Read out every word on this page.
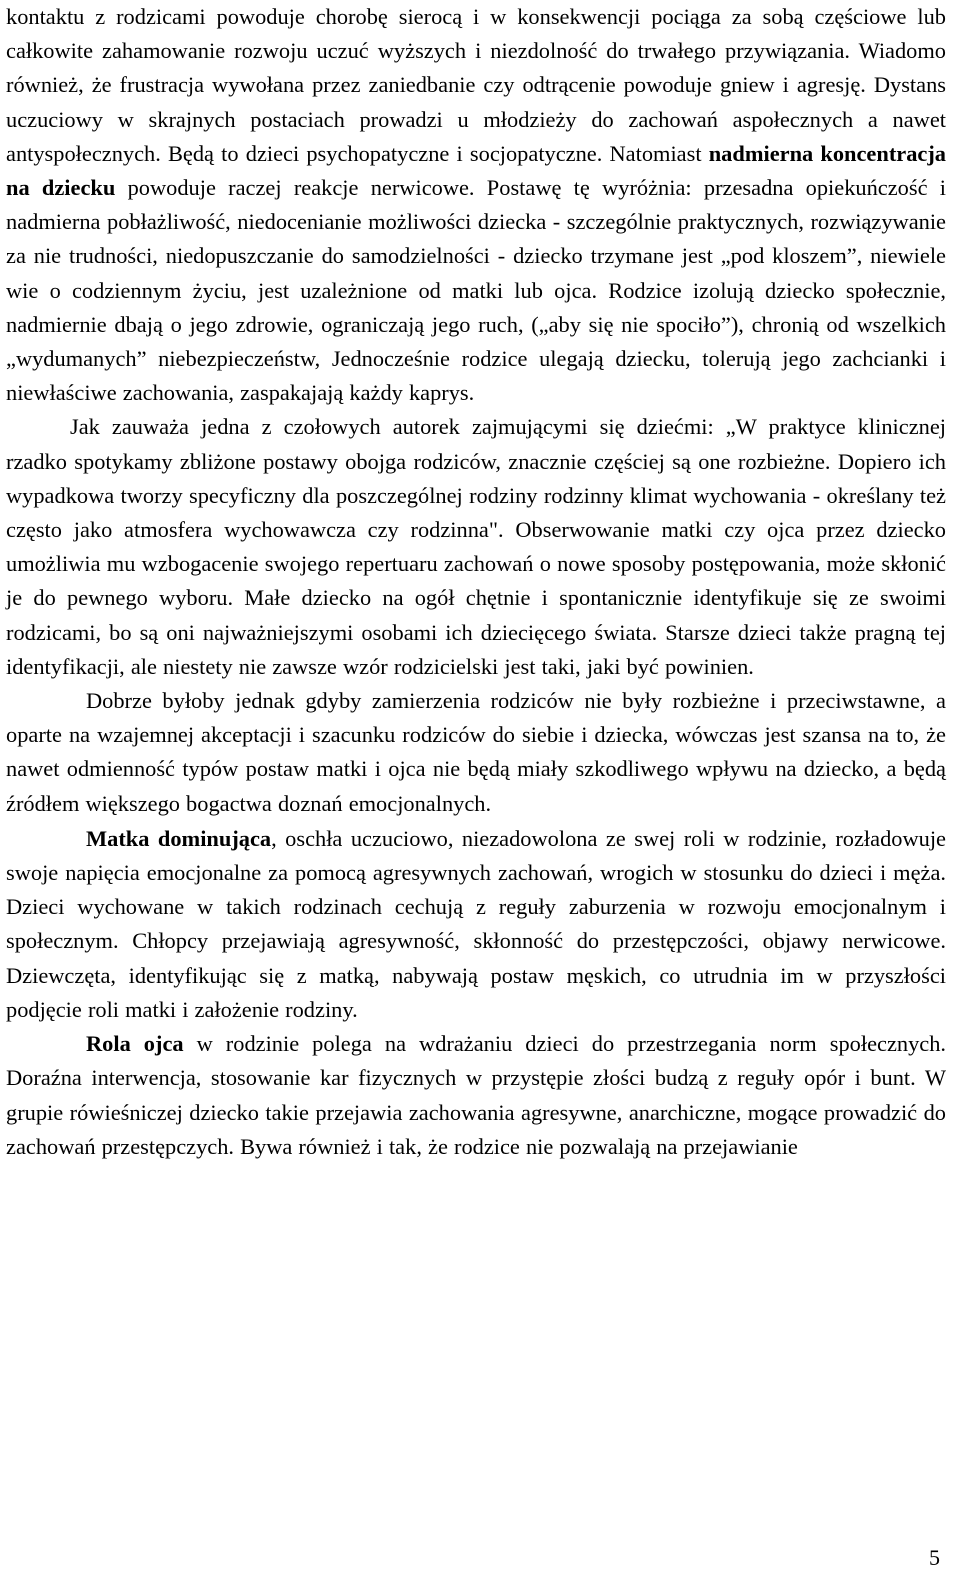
kontaktu z rodzicami powoduje chorobę sierocą i w konsekwencji pociąga za sobą częściowe lub całkowite zahamowanie rozwoju uczuć wyższych i niezdolność do trwałego przywiązania. Wiadomo również, że frustracja wywołana przez zaniedbanie czy odtrącenie powoduje gniew i agresję. Dystans uczuciowy w skrajnych postaciach prowadzi u młodzieży do zachowań aspołecznych a nawet antyspołecznych. Będą to dzieci psychopatyczne i socjopatyczne. Natomiast nadmierna koncentracja na dziecku powoduje raczej reakcje nerwicowe. Postawę tę wyróżnia: przesadna opiekuńczość i nadmierna pobłażliwość, niedocenianie możliwości dziecka - szczególnie praktycznych, rozwiązywanie za nie trudności, niedopuszczanie do samodzielności - dziecko trzymane jest „pod kloszem”, niewiele wie o codziennym życiu, jest uzależnione od matki lub ojca. Rodzice izolują dziecko społecznie, nadmiernie dbają o jego zdrowie, ograniczają jego ruch, („aby się nie spociło”), chronią od wszelkich „wydumanych” niebezpieczeństw, Jednocześnie rodzice ulegają dziecku, tolerują jego zachcianki i niewłaściwe zachowania, zaspakajają każdy kaprys.

Jak zauważa jedna z czołowych autorek zajmującymi się dziećmi: „W praktyce klinicznej rzadko spotykamy zbliżone postawy obojga rodziców, znacznie częściej są one rozbieżne. Dopiero ich wypadkowa tworzy specyficzny dla poszczególnej rodziny rodzinny klimat wychowania - określany też często jako atmosfera wychowawcza czy rodzinna". Obserwowanie matki czy ojca przez dziecko umożliwia mu wzbogacenie swojego repertuaru zachowań o nowe sposoby postępowania, może skłonić je do pewnego wyboru. Małe dziecko na ogół chętnie i spontanicznie identyfikuje się ze swoimi rodzicami, bo są oni najważniejszymi osobami ich dziecięcego świata. Starsze dzieci także pragną tej identyfikacji, ale niestety nie zawsze wzór rodzicielski jest taki, jaki być powinien.

Dobrze byłoby jednak gdyby zamierzenia rodziców nie były rozbieżne i przeciwstawne, a oparte na wzajemnej akceptacji i szacunku rodziców do siebie i dziecka, wówczas jest szansa na to, że nawet odmienność typów postaw matki i ojca nie będą miały szkodliwego wpływu na dziecko, a będą źródłem większego bogactwa doznań emocjonalnych.

Matka dominująca, oschła uczuciowo, niezadowolona ze swej roli w rodzinie, rozładowuje swoje napięcia emocjonalne za pomocą agresywnych zachowań, wrogich w stosunku do dzieci i męża. Dzieci wychowane w takich rodzinach cechują z reguły zaburzenia w rozwoju emocjonalnym i społecznym. Chłopcy przejawiają agresywność, skłonność do przestępczości, objawy nerwicowe. Dziewczęta, identyfikując się z matką, nabywają postaw męskich, co utrudnia im w przyszłości podjęcie roli matki i założenie rodziny.

Rola ojca w rodzinie polega na wdrażaniu dzieci do przestrzegania norm społecznych. Doraźna interwencja, stosowanie kar fizycznych w przystępie złości budzą z reguły opór i bunt. W grupie rówieśniczej dziecko takie przejawia zachowania agresywne, anarchiczne, mogące prowadzić do zachowań przestępczych. Bywa również i tak, że rodzice nie pozwalają na przejawianie

5
